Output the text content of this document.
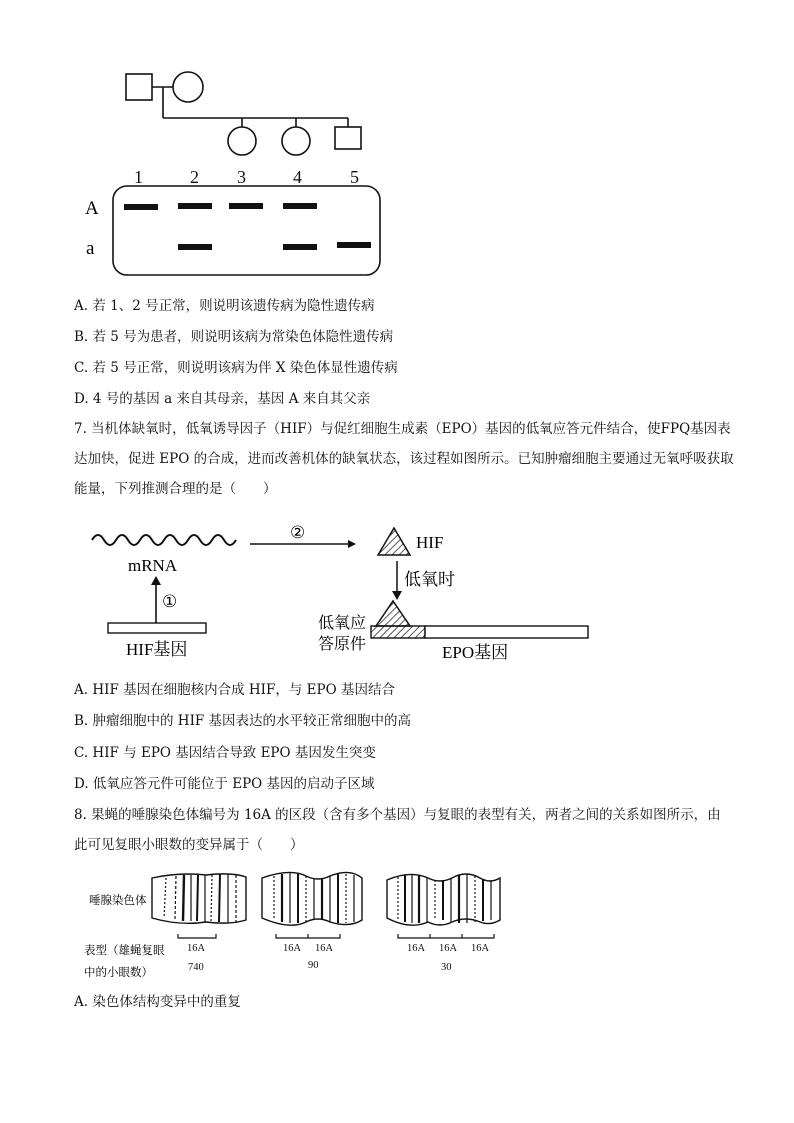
1	2 3	4	5
A
a
A. 若 1、2 号正常，则说明该遗传病为隐性遗传病
B. 若 5 号为患者，则说明该病为常染色体隐性遗传病
C. 若 5 号正常，则说明该病为伴 X 染色体显性遗传病
D. 4 号的基因 a 来自其母亲，基因 A 来自其父亲
7. 当机体缺氧时，低氧诱导因子（HIF）与促红细胞生成素（EPO）基因的低氧应答元件结合，使FPQ基因表达加快，促进 EPO 的合成，进而改善机体的缺氧状态，该过程如图所示。已知肿瘤细胞主要通过无氧呼吸获取能量，下列推测合理的是（　　）
mRNA
①
HIF基因
②
HIF
低氧时
低氧应
答原件	EPO基因
A. HIF 基因在细胞核内合成 HIF，与 EPO 基因结合
B. 肿瘤细胞中的 HIF 基因表达的水平较正常细胞中的高
C. HIF 与 EPO 基因结合导致 EPO 基因发生突变
D. 低氧应答元件可能位于 EPO 基因的启动子区域
8. 果蝇的唾腺染色体编号为 16A 的区段（含有多个基因）与复眼的表型有关，两者之间的关系如图所示，由此可见复眼小眼数的变异属于（　　）
唾腺染色体
表型（雄蝇复眼
中的小眼数）
16A	16A 16A	16A 16A 16A
740	90	30
A. 染色体结构变异中的重复
